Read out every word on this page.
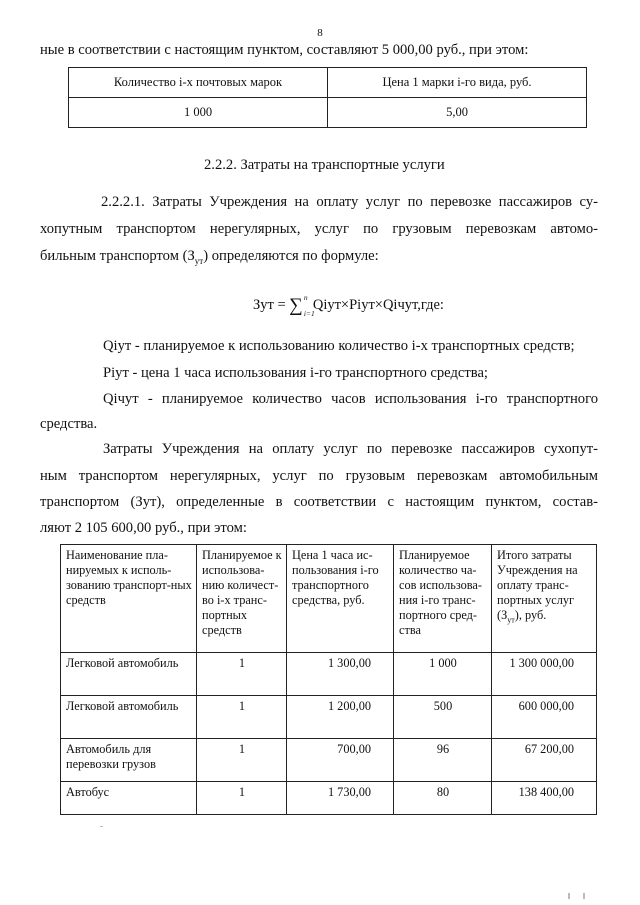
8
ные в соответствии с настоящим пунктом, составляют 5 000,00 руб., при этом:
Количество i-х почтовых марок	Цена 1 марки i-го вида, руб.
1 000	5,00
2.2.2. Затраты на транспортные услуги
2.2.2.1. Затраты Учреждения на оплату услуг по перевозке пассажиров су-
хопутным транспортом нерегулярных, услуг по грузовым перевозкам автомо-
бильным транспортом $(З_{ут})$ определяются по формуле:
Зут = ∑ n
i=1
Qiут×Piут×Qiчут,где:
Qiут - планируемое к использованию количество i-х транспортных средств;
Piут - цена 1 часа использования i-го транспортного средства;
Qiчут - планируемое количество часов использования i-го транспортного
средства.
Затраты Учреждения на оплату услуг по перевозке пассажиров сухопут-
ным транспортом нерегулярных, услуг по грузовым перевозкам автомобильным
транспортом (Зут), определенные в соответствии с настоящим пунктом, состав-
ляют 2 105 600,00 руб., при этом:
Наименование пла-нируемых к исполь-зованию транспорт-ных средств	Планируемое к использова-нию количест-во i-х транс-портных средств	Цена 1 часа ис-пользования i-го транспортного средства, руб.	Планируемое количество ча-сов использова-ния i-го транс-портного сред-ства	Итого затраты Учреждения на оплату транс-портных услуг $(З_{ут})$, руб.
Легковой автомобиль	1	1 300,00	1 000	1 300 000,00
Легковой автомобиль	1	1 200,00	500	600 000,00
Автомобиль для перевозки грузов	1	700,00	96	67 200,00
Автобус	1	1 730,00	80	138 400,00
